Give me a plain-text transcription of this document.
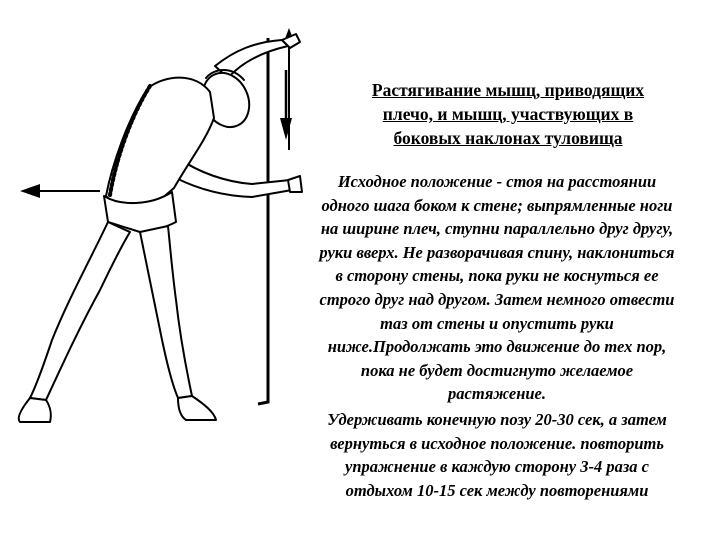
Растягивание мышц, приводящих
плечо, и мышц, участвующих в
боковых наклонах туловища
Исходное положение - стоя на расстоянии
одного шага боком к стене; выпрямленные ноги
на ширине плеч, ступни параллельно друг другу,
руки вверх. Не разворачивая спину, наклониться
в сторону стены, пока руки не коснуться ее
строго друг над другом. Затем немного отвести
таз от стены и опустить руки
ниже.Продолжать это движение до тех пор,
пока не будет достигнуто желаемое
растяжение.
Удерживать конечную позу 20-30 сек, а затем
вернуться в исходное положение. повторить
упражнение в каждую сторону 3-4 раза с
отдыхом 10-15 сек между повторениями
